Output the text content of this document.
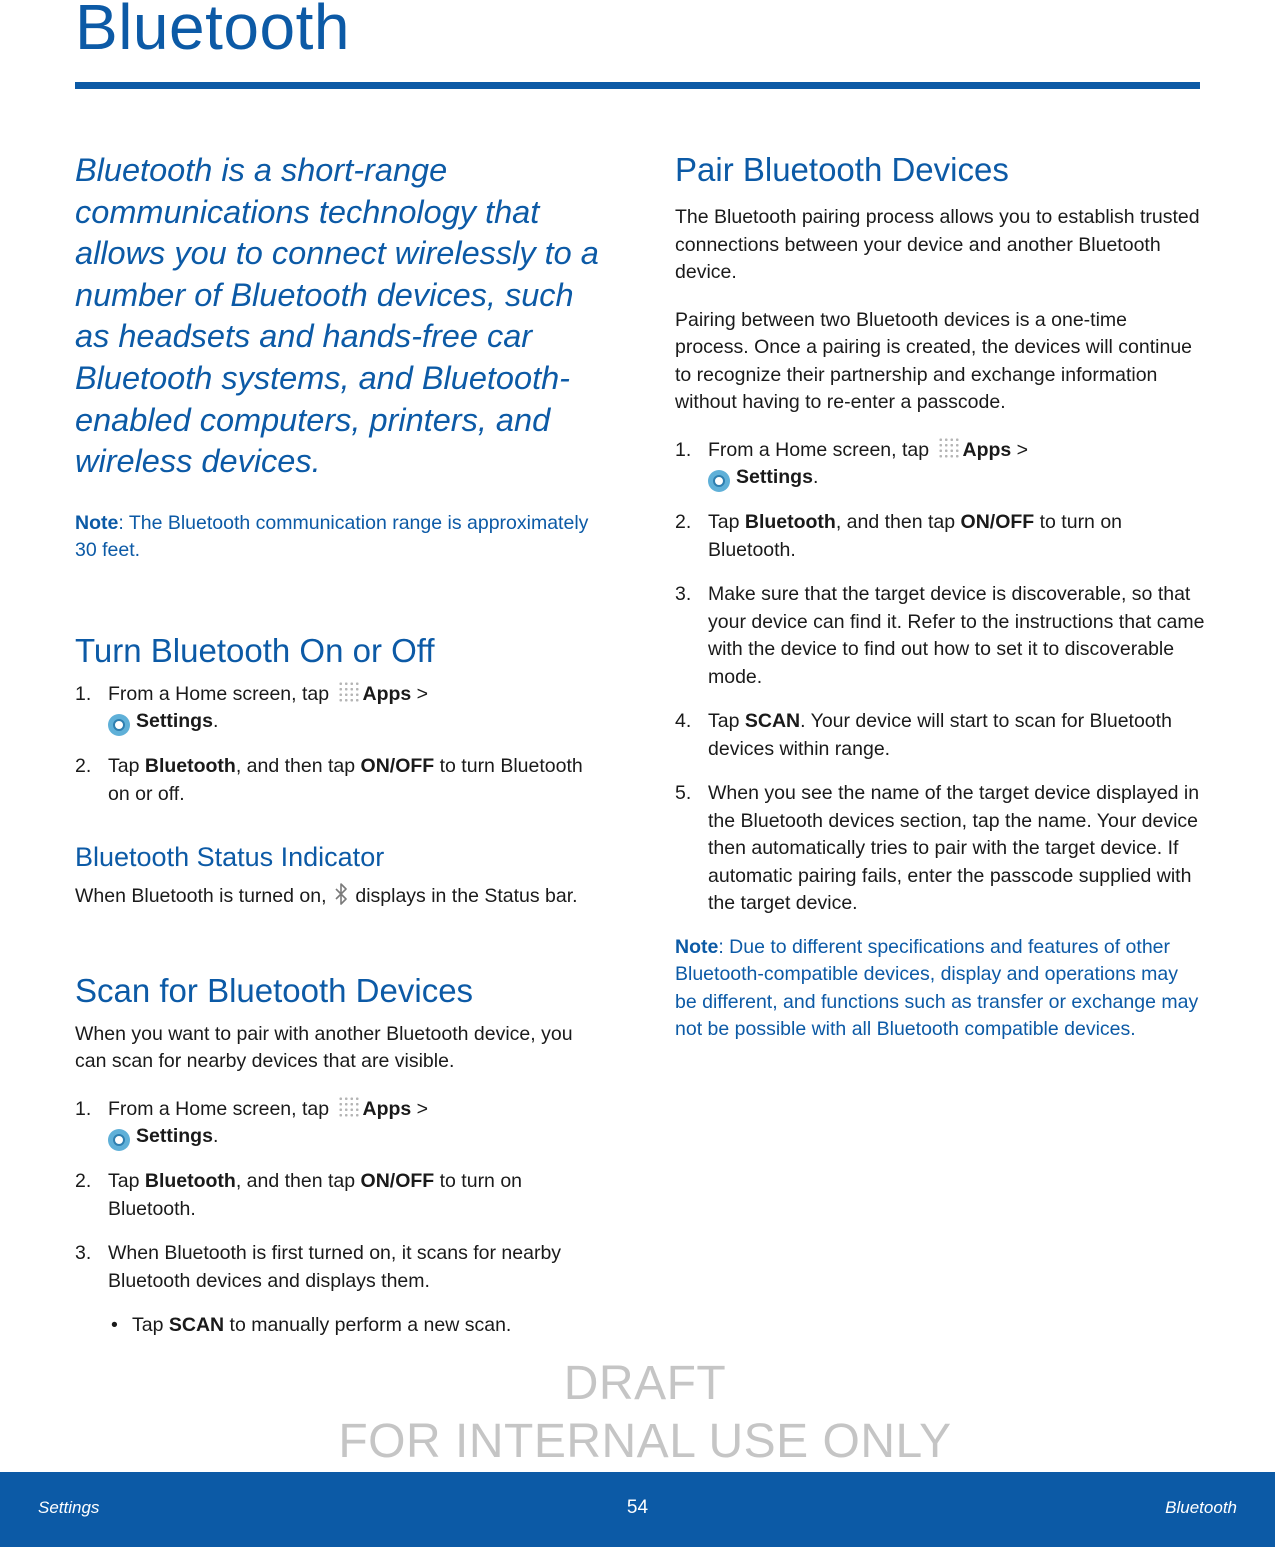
Bluetooth
Bluetooth is a short-range communications technology that allows you to connect wirelessly to a number of Bluetooth devices, such as headsets and hands-free car Bluetooth systems, and Bluetooth-enabled computers, printers, and wireless devices.
Note: The Bluetooth communication range is approximately 30 feet.
Turn Bluetooth On or Off
1. From a Home screen, tap Apps >
Settings.
2. Tap Bluetooth, and then tap ON/OFF to turn Bluetooth on or off.
Bluetooth Status Indicator

When Bluetooth is turned on, displays in the Status bar.

Scan for Bluetooth Devices

When you want to pair with another Bluetooth device, you can scan for nearby devices that are visible.

1. From a Home screen, tap Apps >
Settings.
2. Tap Bluetooth, and then tap ON/OFF to turn on Bluetooth.
3. When Bluetooth is first turned on, it scans for nearby Bluetooth devices and displays them.
• Tap SCAN to manually perform a new scan.
Pair Bluetooth Devices

The Bluetooth pairing process allows you to establish trusted connections between your device and another Bluetooth device.

Pairing between two Bluetooth devices is a one-time process. Once a pairing is created, the devices will continue to recognize their partnership and exchange information without having to re-enter a passcode.

1. From a Home screen, tap Apps >
Settings.
2. Tap Bluetooth, and then tap ON/OFF to turn on Bluetooth.
3. Make sure that the target device is discoverable, so that your device can find it. Refer to the instructions that came with the device to find out how to set it to discoverable mode.
4. Tap SCAN. Your device will start to scan for Bluetooth devices within range.
5. When you see the name of the target device displayed in the Bluetooth devices section, tap the name. Your device then automatically tries to pair with the target device. If automatic pairing fails, enter the passcode supplied with the target device.
Note: Due to different specifications and features of other Bluetooth-compatible devices, display and operations may be different, and functions such as transfer or exchange may not be possible with all Bluetooth compatible devices.
DRAFT
FOR INTERNAL USE ONLY
Settings	54	Bluetooth
